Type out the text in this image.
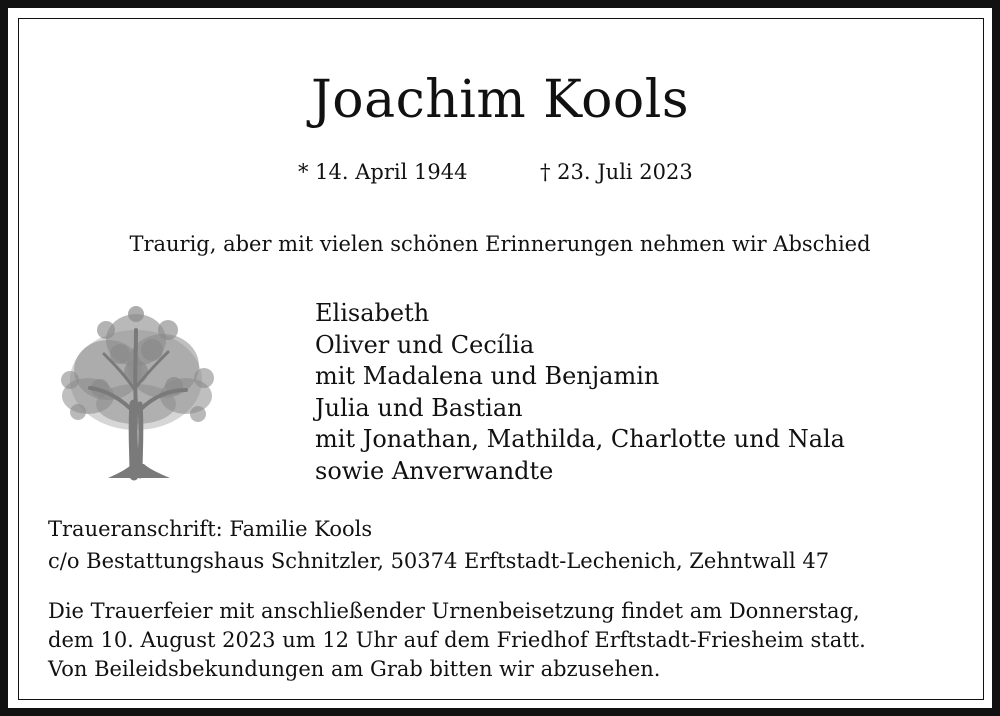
Joachim Kools
* 14. April 1944	† 23. Juli 2023
Traurig, aber mit vielen schönen Erinnerungen nehmen wir Abschied
Elisabeth
Oliver und Cecília
mit Madalena und Benjamin
Julia und Bastian
mit Jonathan, Mathilda, Charlotte und Nala
sowie Anverwandte
Traueranschrift: Familie Kools
c/o Bestattungshaus Schnitzler, 50374 Erftstadt-Lechenich, Zehntwall 47
Die Trauerfeier mit anschließender Urnenbeisetzung findet am Donnerstag,
dem 10. August 2023 um 12 Uhr auf dem Friedhof Erftstadt-Friesheim statt.
Von Beileidsbekundungen am Grab bitten wir abzusehen.
